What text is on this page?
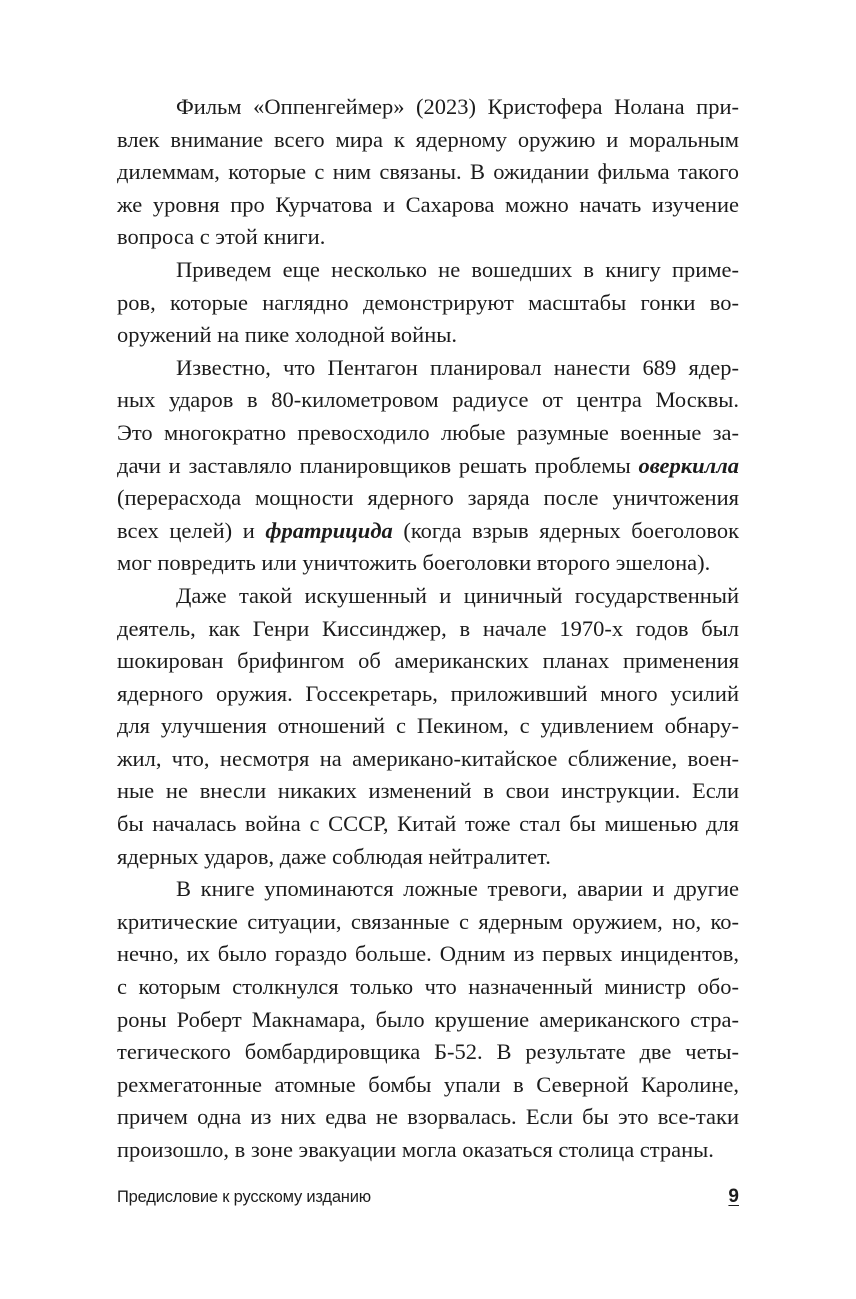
Фильм «Оппенгеймер» (2023) Кристофера Нолана при-
влек внимание всего мира к ядерному оружию и моральным
дилеммам, которые с ним связаны. В ожидании фильма такого
же уровня про Курчатова и Сахарова можно начать изучение
вопроса с этой книги.
Приведем еще несколько не вошедших в книгу приме-
ров, которые наглядно демонстрируют масштабы гонки во-
оружений на пике холодной войны.
Известно, что Пентагон планировал нанести 689 ядер-
ных ударов в 80-километровом радиусе от центра Москвы.
Это многократно превосходило любые разумные военные за-
дачи и заставляло планировщиков решать проблемы оверкилла
(перерасхода мощности ядерного заряда после уничтожения
всех целей) и фратрицида (когда взрыв ядерных боеголовок
мог повредить или уничтожить боеголовки второго эшелона).
Даже такой искушенный и циничный государственный
деятель, как Генри Киссинджер, в начале 1970-х годов был
шокирован брифингом об американских планах применения
ядерного оружия. Госсекретарь, приложивший много усилий
для улучшения отношений с Пекином, с удивлением обнару-
жил, что, несмотря на американо-китайское сближение, воен-
ные не внесли никаких изменений в свои инструкции. Если
бы началась война с СССР, Китай тоже стал бы мишенью для
ядерных ударов, даже соблюдая нейтралитет.
В книге упоминаются ложные тревоги, аварии и другие
критические ситуации, связанные с ядерным оружием, но, ко-
нечно, их было гораздо больше. Одним из первых инцидентов,
с которым столкнулся только что назначенный министр обо-
роны Роберт Макнамара, было крушение американского стра-
тегического бомбардировщика Б-52. В результате две четы-
рехмегатонные атомные бомбы упали в Северной Каролине,
причем одна из них едва не взорвалась. Если бы это все-таки
произошло, в зоне эвакуации могла оказаться столица страны.
Предисловие к русскому изданию	9
